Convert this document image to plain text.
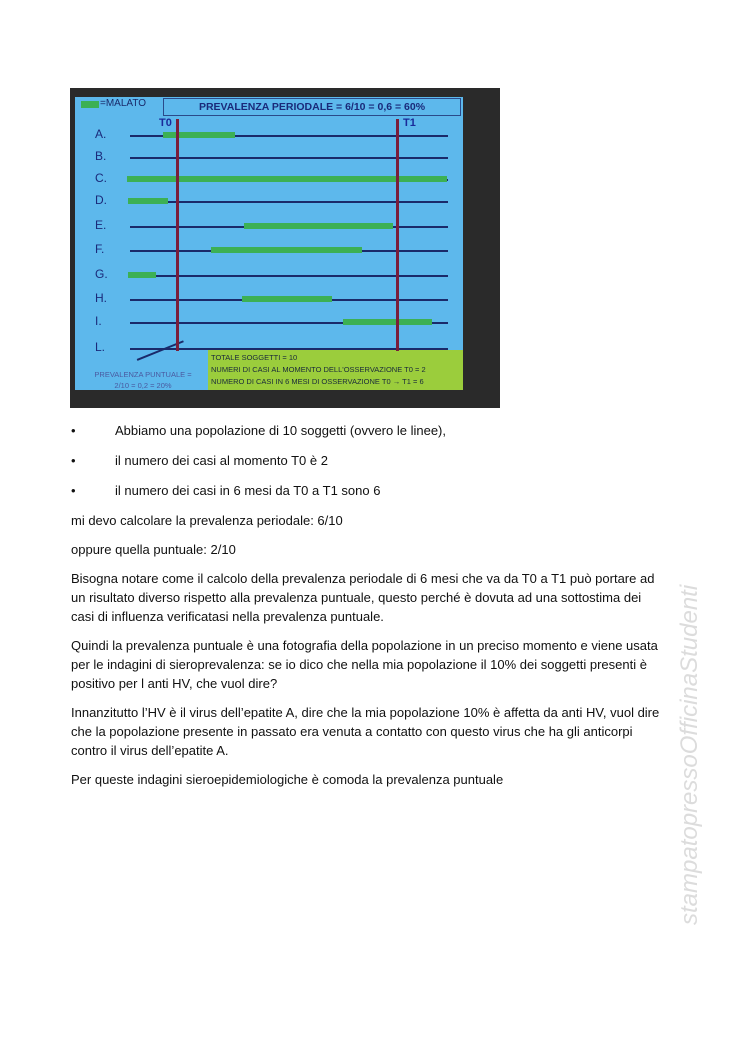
=MALATO	PREVALENZA PERIODALE = 6/10 = 0,6 = 60%
T0	T1
TOTALE SOGGETTI = 10
NUMERI DI CASI AL MOMENTO DELL'OSSERVAZIONE T0 = 2
NUMERO DI CASI IN 6 MESI DI OSSERVAZIONE T0 → T1 = 6
PREVALENZA PUNTUALE =
2/10 = 0,2 = 20%
A.
B.
C.
D.
E.
F.
G.
H.
I.
L.
•	Abbiamo una popolazione di 10 soggetti (ovvero le linee),
•	il numero dei casi al momento T0 è 2
•	il numero dei casi in 6 mesi da T0 a T1 sono 6

mi devo calcolare la prevalenza periodale: 6/10

oppure quella puntuale: 2/10

Bisogna notare come il calcolo della prevalenza periodale di 6 mesi che va da T0 a T1 può portare ad un risultato diverso rispetto alla prevalenza puntuale, questo perché è dovuta ad una sottostima dei casi di influenza verificatasi nella prevalenza puntuale.

Quindi la prevalenza puntuale è una fotografia della popolazione in un preciso momento e viene usata per le indagini di sieroprevalenza: se io dico che nella mia popolazione il 10% dei soggetti presenti è positivo per l anti HV, che vuol dire?

Innanzitutto l’HV è il virus dell’epatite A, dire che la mia popolazione 10% è affetta da anti HV, vuol dire che la popolazione presente in passato era venuta a contatto con questo virus che ha gli anticorpi contro il virus dell’epatite A.

Per queste indagini sieroepidemiologiche è comoda la prevalenza puntuale	stampatopressoOfficinaStudenti
